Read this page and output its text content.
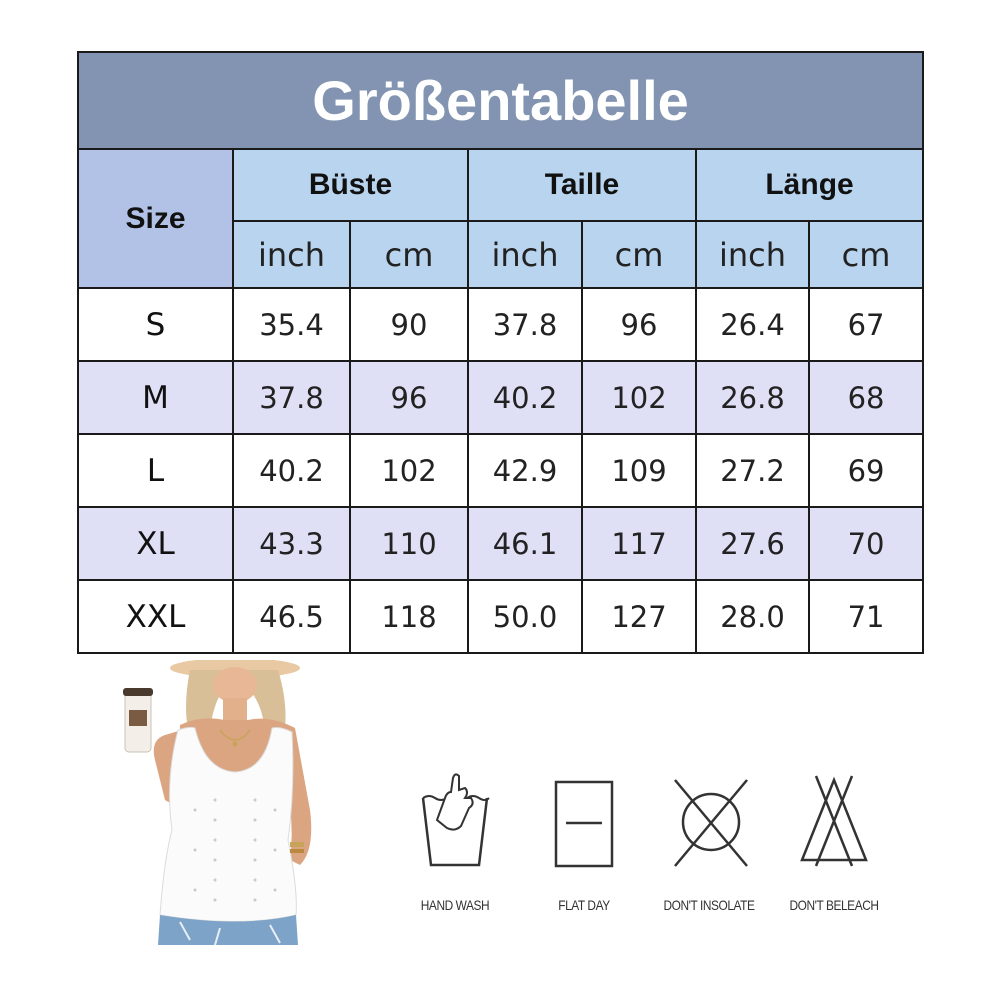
Größentabelle						
Size	Büste		Taille		Länge	
	inch	cm	inch	cm	inch	cm
S	35.4	90	37.8	96	26.4	67
M	37.8	96	40.2	102	26.8	68
L	40.2	102	42.9	109	27.2	69
XL	43.3	110	46.1	117	27.6	70
XXL	46.5	118	50.0	127	28.0	71
HAND WASH	FLAT DAY	DON'T INSOLATE	DON'T BELEACH
